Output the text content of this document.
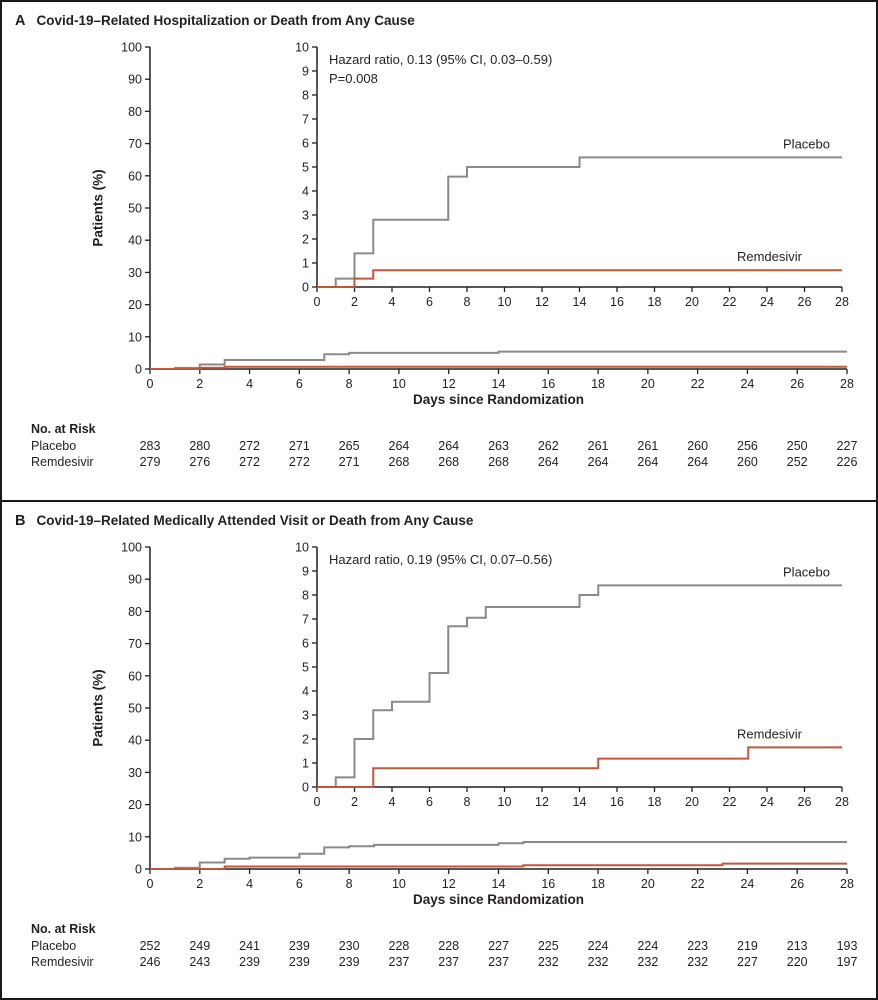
A Covid-19–Related Hospitalization or Death from Any Cause
Patients (%)
0
10
20
30
40
50
60
70
80
90
100
0	2	4	6	8	10	12	14	16	18	20	22	24	26	28
0
1
2
3
4
5
6
7
8
9
10
0 2 4 6 8 10 12 14 16 18 20 22 24 26 28
Placebo
Remdesivir
Hazard ratio, 0.13 (95% CI, 0.03–0.59)
P=0.008
Days since Randomization
No. at Risk
Placebo	283 280 272 271 265 264 264 263 262 261 261 260 256 250 227
Remdesivir	279 276 272 272 271 268 268 268 264 264 264 264 260 252 226
B Covid-19–Related Medically Attended Visit or Death from Any Cause
Patients (%)
0
10
20
30
40
50
60
70
80
90
100
0	2	4	6	8	10	12	14	16	18	20	22	24	26	28
0
1
2
3
4
5
6
7
8
9
10
0 2 4 6 8 10 12 14 16 18 20 22 24 26 28
Placebo
Remdesivir
Hazard ratio, 0.19 (95% CI, 0.07–0.56)
Days since Randomization
No. at Risk
Placebo	252 249 241 239 230 228 228 227 225 224 224 223 219 213 193
Remdesivir	246 243 239 239 239 237 237 237 232 232 232 232 227 220 197
